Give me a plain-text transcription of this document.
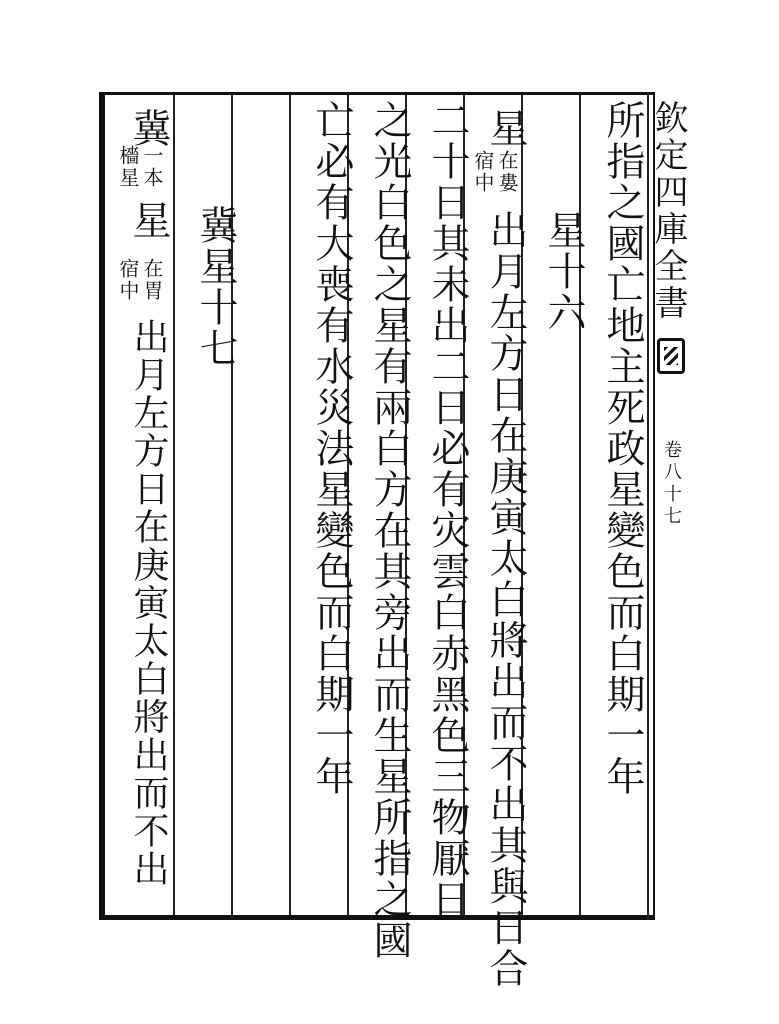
欽定四庫全書
卷八十七
所指之國亡地主死政星變色而白期一年
星十六
星
在婁
宿中
出月左方日在庚寅太白將出而不出其與日合
二十日其未出二日必有灾雲白赤黑色三物厭日
之光白色之星有兩白方在其旁出而生星所指之國
亡必有大喪有水災法星變色而白期一年
冀星十七
冀
一本
檣星
星
在胃
宿中
出月左方日在庚寅太白將出而不出
